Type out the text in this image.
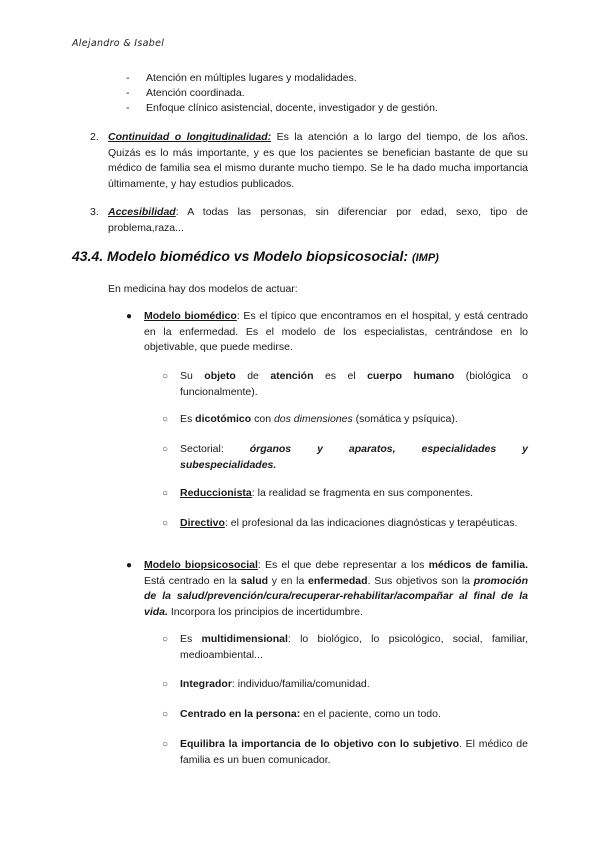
Alejandro & Isabel
-	Atención en múltiples lugares y modalidades.
-	Atención coordinada.
-	Enfoque clínico asistencial, docente, investigador y de gestión.
2. Continuidad o longitudinalidad: Es la atención a lo largo del tiempo, de los años. Quizás es lo más importante, y es que los pacientes se benefician bastante de que su médico de familia sea el mismo durante mucho tiempo. Se le ha dado mucha importancia últimamente, y hay estudios publicados.
3. Accesibilidad: A todas las personas, sin diferenciar por edad, sexo, tipo de problema,raza...
43.4. Modelo biomédico vs Modelo biopsicosocial: (IMP)
En medicina hay dos modelos de actuar:
● Modelo biomédico: Es el típico que encontramos en el hospital, y está centrado en la enfermedad. Es el modelo de los especialistas, centrándose en lo objetivable, que puede medirse.
○ Su objeto de atención es el cuerpo humano (biológica o funcionalmente).
○ Es dicotómico con dos dimensiones (somática y psíquica).
○ Sectorial: órganos y aparatos, especialidades y
subespecialidades.
○ Reduccionista: la realidad se fragmenta en sus componentes.
○ Directivo: el profesional da las indicaciones diagnósticas y terapéuticas.
● Modelo biopsicosocial: Es el que debe representar a los médicos de familia. Está centrado en la salud y en la enfermedad. Sus objetivos son la promoción de la salud/prevención/cura/recuperar-rehabilitar/acompañar al final de la vida. Incorpora los principios de incertidumbre.
○ Es multidimensional: lo biológico, lo psicológico, social, familiar, medioambiental...
○ Integrador: individuo/familia/comunidad.
○ Centrado en la persona: en el paciente, como un todo.
○ Equilibra la importancia de lo objetivo con lo subjetivo. El médico de familia es un buen comunicador.
